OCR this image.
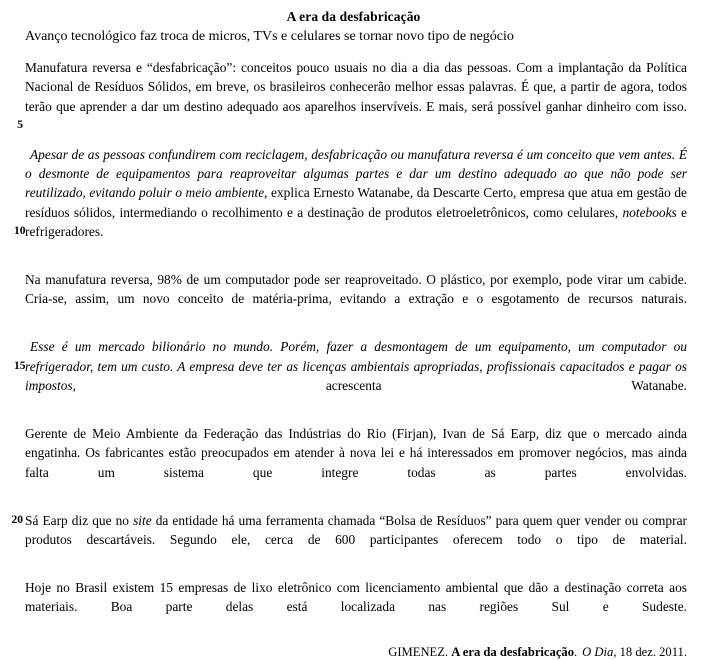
A era da desfabricação
Avanço tecnológico faz troca de micros, TVs e celulares se tornar novo tipo de negócio

5
Manufatura reversa e “desfabricação”: conceitos pouco usuais no dia a dia das pessoas. Com a implantação da Política Nacional de Resíduos Sólidos, em breve, os brasileiros conhecerão melhor essas palavras. É que, a partir de agora, todos terão que aprender a dar um destino adequado aos aparelhos inservíveis. E mais, será possível ganhar dinheiro com isso.

10
Apesar de as pessoas confundirem com reciclagem, desfabricação ou manufatura reversa é um conceito que vem antes. É o desmonte de equipamentos para reaproveitar algumas partes e dar um destino adequado ao que não pode ser reutilizado, evitando poluir o meio ambiente, explica Ernesto Watanabe, da Descarte Certo, empresa que atua em gestão de resíduos sólidos, intermediando o recolhimento e a destinação de produtos eletroeletrônicos, como celulares, notebooks e refrigeradores.

Na manufatura reversa, 98% de um computador pode ser reaproveitado. O plástico, por exemplo, pode virar um cabide. Cria-se, assim, um novo conceito de matéria-prima, evitando a extração e o esgotamento de recursos naturais.

15
Esse é um mercado bilionário no mundo. Porém, fazer a desmontagem de um equipamento, um computador ou refrigerador, tem um custo. A empresa deve ter as licenças ambientais apropriadas, profissionais capacitados e pagar os impostos, acrescenta Watanabe.

Gerente de Meio Ambiente da Federação das Indústrias do Rio (Firjan), Ivan de Sá Earp, diz que o mercado ainda engatinha. Os fabricantes estão preocupados em atender à nova lei e há interessados em promover negócios, mas ainda falta um sistema que integre todas as partes envolvidas.

20 Sá Earp diz que no site da entidade há uma ferramenta chamada “Bolsa de Resíduos” para quem quer vender ou comprar produtos descartáveis. Segundo ele, cerca de 600 participantes oferecem todo o tipo de material.

Hoje no Brasil existem 15 empresas de lixo eletrônico com licenciamento ambiental que dão a destinação correta aos materiais. Boa parte delas está localizada nas regiões Sul e Sudeste.

GIMENEZ. A era da desfabricação. O Dia, 18 dez. 2011.
